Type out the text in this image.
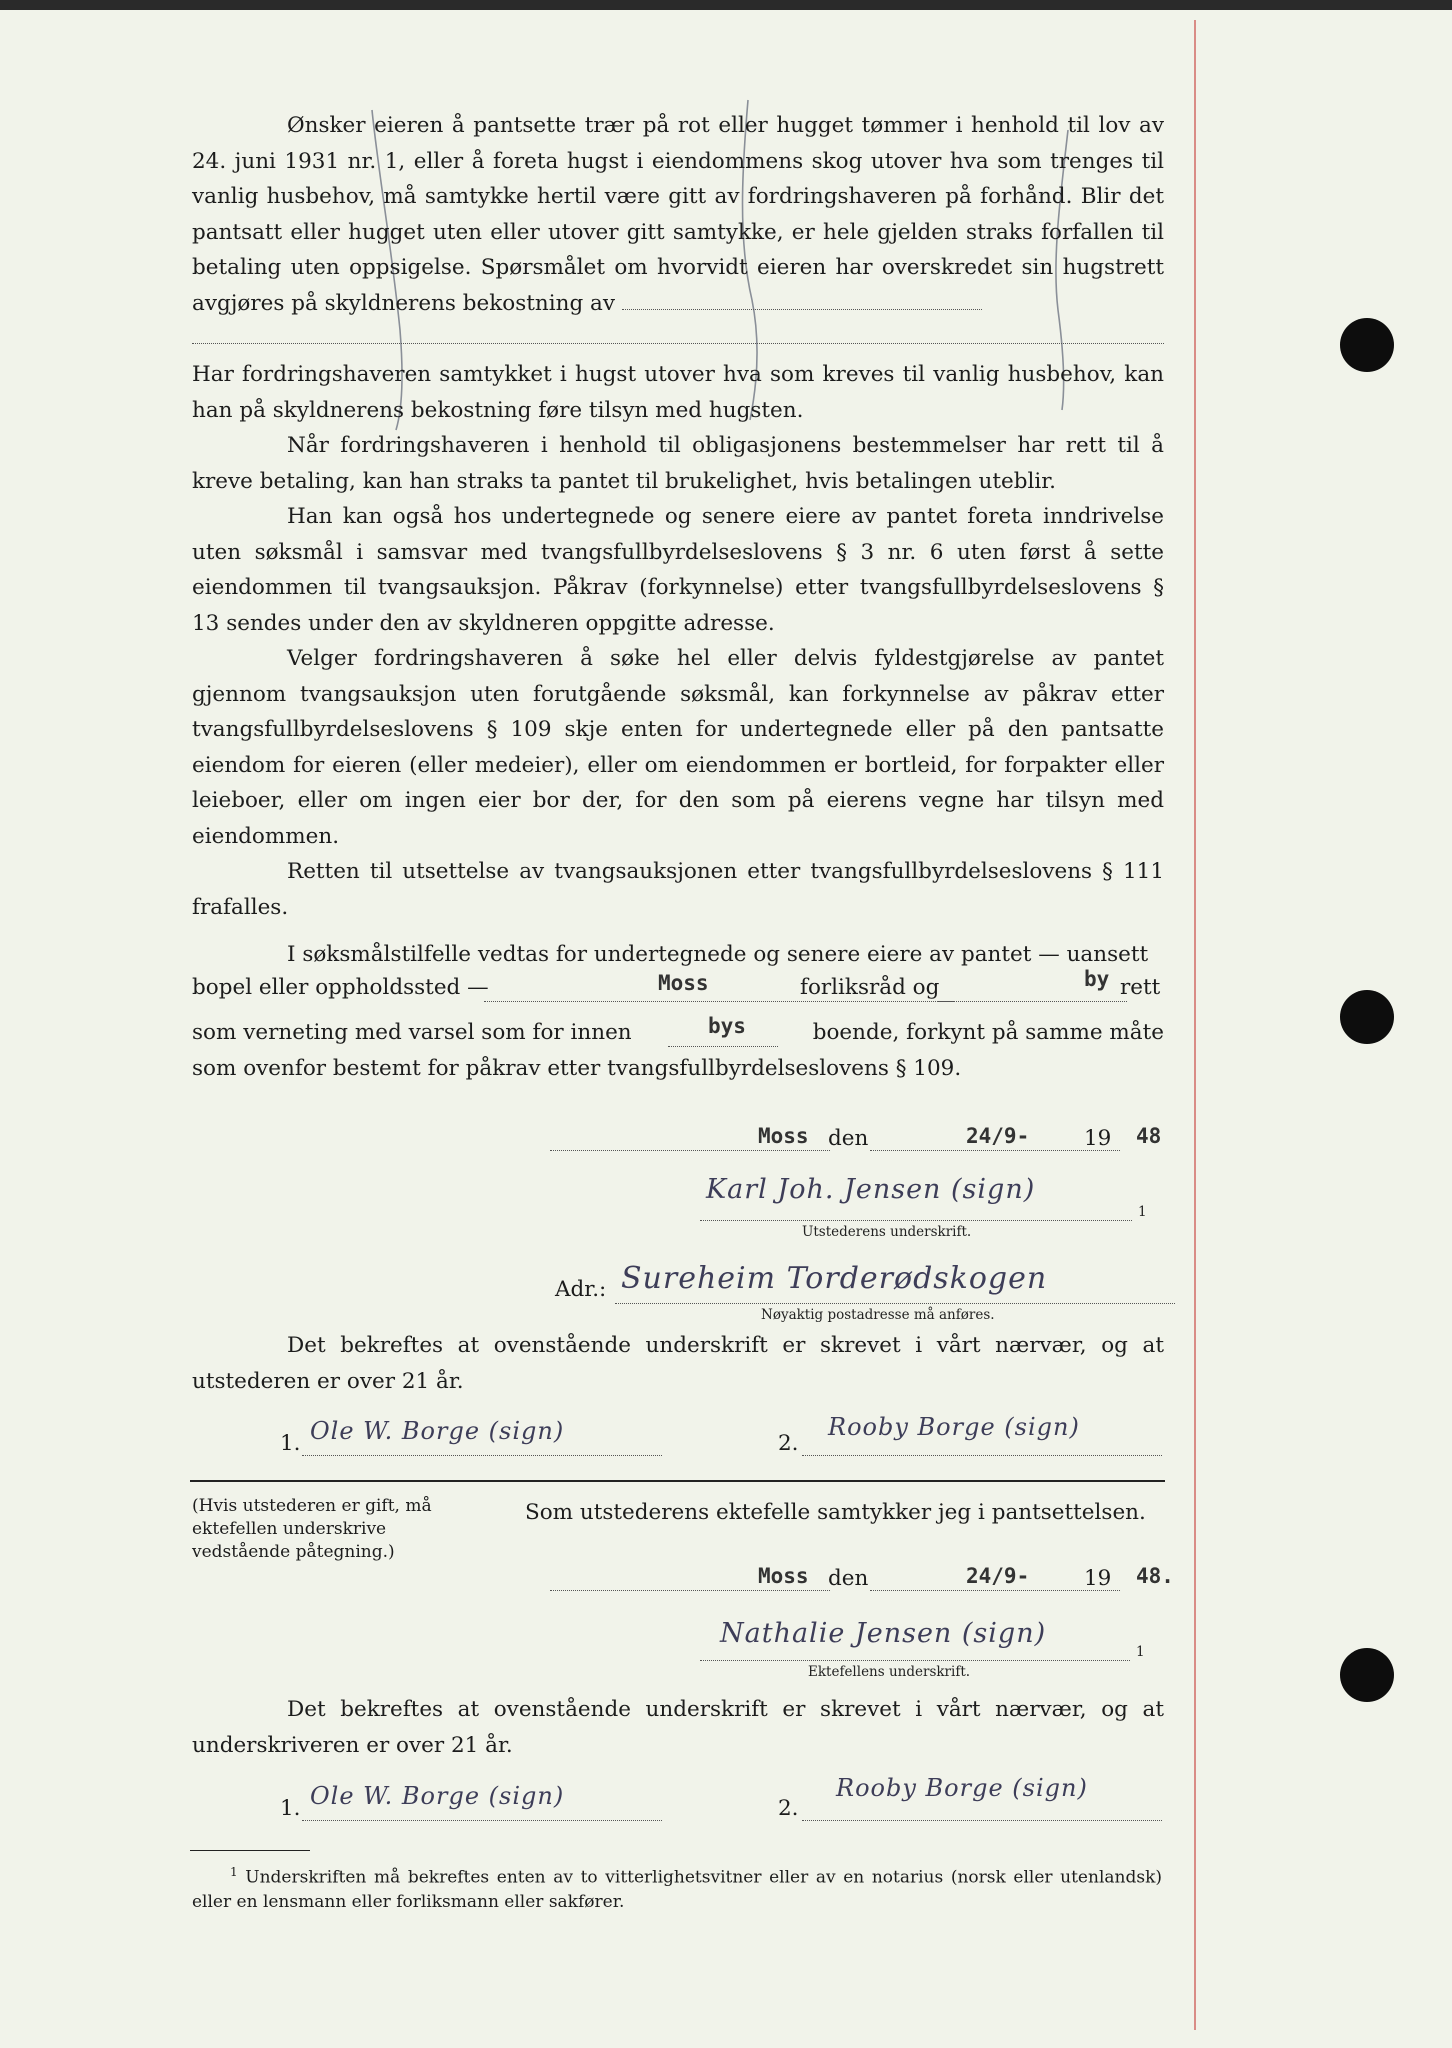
Ønsker eieren å pantsette trær på rot eller hugget tømmer i henhold til lov av 24. juni 1931 nr. 1, eller å foreta hugst i eiendommens skog utover hva som trenges til vanlig husbehov, må samtykke hertil være gitt av fordringshaveren på forhånd. Blir det pantsatt eller hugget uten eller utover gitt samtykke, er hele gjelden straks forfallen til betaling uten oppsigelse. Spørsmålet om hvorvidt eieren har overskredet sin hugstrett avgjøres på skyldnerens bekostning av

Har fordringshaveren samtykket i hugst utover hva som kreves til vanlig husbehov, kan han på skyldnerens bekostning føre tilsyn med hugsten.

Når fordringshaveren i henhold til obligasjonens bestemmelser har rett til å kreve betaling, kan han straks ta pantet til brukelighet, hvis betalingen uteblir.

Han kan også hos undertegnede og senere eiere av pantet foreta inndrivelse uten søksmål i samsvar med tvangsfullbyrdelseslovens § 3 nr. 6 uten først å sette eiendommen til tvangsauksjon. Påkrav (forkynnelse) etter tvangsfullbyrdelseslovens § 13 sendes under den av skyldneren oppgitte adresse.

Velger fordringshaveren å søke hel eller delvis fyldestgjørelse av pantet gjennom tvangsauksjon uten forutgående søksmål, kan forkynnelse av påkrav etter tvangsfullbyrdelseslovens § 109 skje enten for undertegnede eller på den pantsatte eiendom for eieren (eller medeier), eller om eiendommen er bortleid, for forpakter eller leieboer, eller om ingen eier bor der, for den som på eierens vegne har tilsyn med eiendommen.

Retten til utsettelse av tvangsauksjonen etter tvangsfullbyrdelseslovens § 111 frafalles.

I søksmålstilfelle vedtas for undertegnede og senere eiere av pantet — uansett

bopel eller oppholdssted —	Moss	forliksråd og	by rett
som verneting med varsel som for innen	bys	boende, forkynt på samme måte
som ovenfor bestemt for påkrav etter tvangsfullbyrdelseslovens § 109.
Moss den	24/9-	19 48
Karl Joh. Jensen (sign)
Utstederens underskrift.
1
Adr.: Sureheim Torderødskogen
Nøyaktig postadresse må anføres.

Det bekreftes at ovenstående underskrift er skrevet i vårt nærvær, og at utstederen er over 21 år.

1. Ole W. Borge (sign)	2.
Rooby Borge (sign)
(Hvis utstederen er gift, må ektefellen underskrive vedstående påtegning.)
Som utstederens ektefelle samtykker jeg i pantsettelsen.
Moss den	24/9-	19 48.
Nathalie Jensen (sign)
Ektefellens underskrift.
1

Det bekreftes at ovenstående underskrift er skrevet i vårt nærvær, og at underskriveren er over 21 år.

1. Ole W. Borge (sign)	2.
Rooby Borge (sign)
$^1$ Underskriften må bekreftes enten av to vitterlighetsvitner eller av en notarius (norsk eller utenlandsk) eller en lensmann eller forliksmann eller sakfører.
